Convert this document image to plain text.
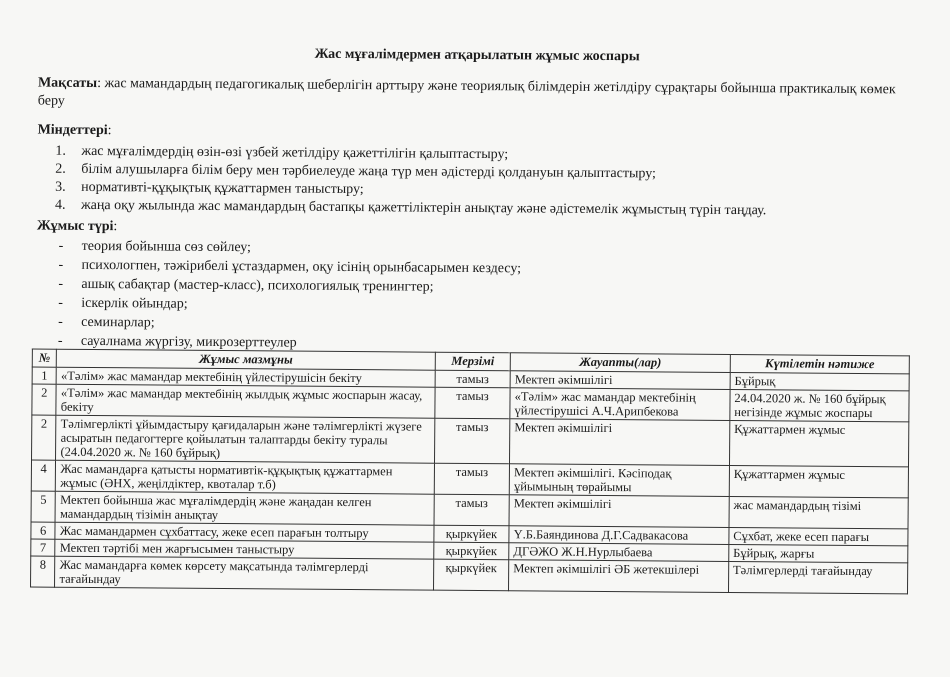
Жас мұғалімдермен атқарылатын жұмыс жоспары
Мақсаты: жас мамандардың педагогикалық шеберлігін арттыру және теориялық білімдерін жетілдіру сұрақтары бойынша практикалық көмек беру
Міндеттері:
1. жас мұғалімдердің өзін-өзі үзбей жетілдіру қажеттілігін қалыптастыру;
2. білім алушыларға білім беру мен тәрбиелеуде жаңа түр мен әдістерді қолдануын қалыптастыру;
3. нормативті-құқықтық құжаттармен таныстыру;
4. жаңа оқу жылында жас мамандардың бастапқы қажеттіліктерін анықтау және әдістемелік жұмыстың түрін таңдау.
Жұмыс түрі:
- теория бойынша сөз сөйлеу;
- психологпен, тәжірибелі ұстаздармен, оқу ісінің орынбасарымен кездесу;
- ашық сабақтар (мастер-класс), психологиялық тренингтер;
- іскерлік ойындар;
- семинарлар;
- сауалнама жүргізу, микрозерттеулер
№	Жұмыс мазмұны	Мерзімі	Жауапты(лар)	Күтілетін нәтиже
1	«Тәлім» жас мамандар мектебінің үйлестірушісін бекіту	тамыз	Мектеп әкімшілігі	Бұйрық
2	«Тәлім» жас мамандар мектебінің жылдық жұмыс жоспарын жасау, бекіту	тамыз	«Тәлім» жас мамандар мектебінің үйлестірушісі А.Ч.Арипбекова	24.04.2020 ж. № 160 бұйрық негізінде жұмыс жоспары
2	Тәлімгерлікті ұйымдастыру қағидаларын және тәлімгерлікті жүзеге асыратын педагогтерге қойылатын талаптарды бекіту туралы (24.04.2020 ж. № 160 бұйрық)	тамыз	Мектеп әкімшілігі	Құжаттармен жұмыс
4	Жас мамандарға қатысты нормативтік-құқықтық құжаттармен жұмыс (ӘНХ, жеңілдіктер, квоталар т.б)	тамыз	Мектеп әкімшілігі. Кәсіподақ ұйымының төрайымы	Құжаттармен жұмыс
5	Мектеп бойынша жас мұғалімдердің және жаңадан келген мамандардың тізімін анықтау	тамыз	Мектеп әкімшілігі	жас мамандардың тізімі
6	Жас мамандармен сұхбаттасу, жеке есеп парағын толтыру	қыркүйек	Ү.Б.Баяндинова Д.Г.Садвакасова	Сұхбат, жеке есеп парағы
7	Мектеп тәртібі мен жарғысымен таныстыру	қыркүйек	ДГӘЖО Ж.Н.Нурлыбаева	Бұйрық, жарғы
8	Жас мамандарға көмек көрсету мақсатында тәлімгерлерді тағайындау	қыркүйек	Мектеп әкімшілігі ӘБ жетекшілері	Тәлімгерлерді тағайындау
